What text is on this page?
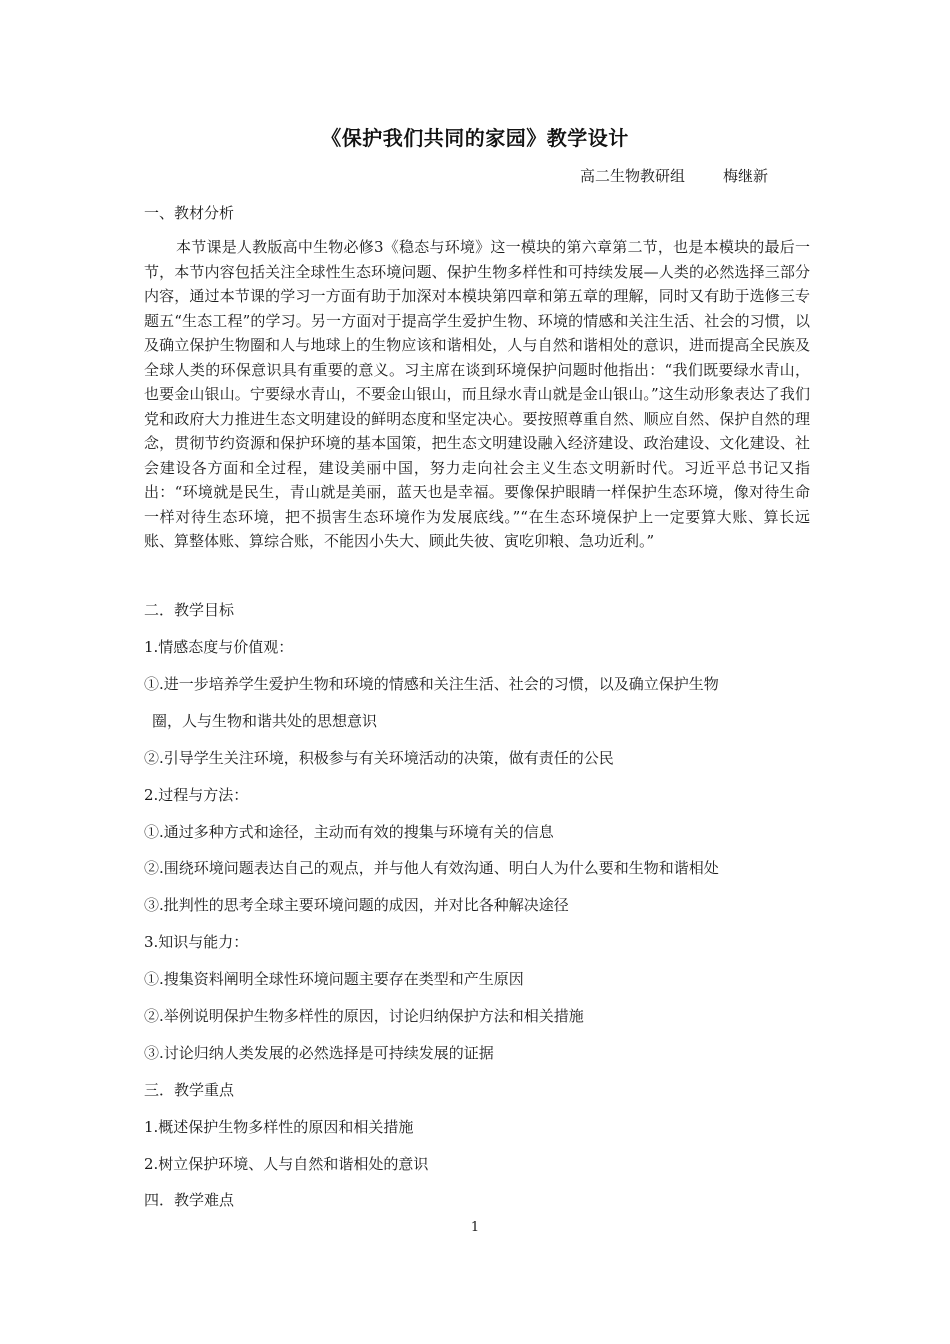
《保护我们共同的家园》教学设计
高二生物教研组	梅继新
一、教材分析
本节课是人教版高中生物必修3《稳态与环境》这一模块的第六章第二节，也是本模块的最后一节，本节内容包括关注全球性生态环境问题、保护生物多样性和可持续发展—人类的必然选择三部分内容，通过本节课的学习一方面有助于加深对本模块第四章和第五章的理解，同时又有助于选修三专题五“生态工程”的学习。另一方面对于提高学生爱护生物、环境的情感和关注生活、社会的习惯，以及确立保护生物圈和人与地球上的生物应该和谐相处，人与自然和谐相处的意识，进而提高全民族及全球人类的环保意识具有重要的意义。习主席在谈到环境保护问题时他指出：“我们既要绿水青山，也要金山银山。宁要绿水青山，不要金山银山，而且绿水青山就是金山银山。”这生动形象表达了我们党和政府大力推进生态文明建设的鲜明态度和坚定决心。要按照尊重自然、顺应自然、保护自然的理念，贯彻节约资源和保护环境的基本国策，把生态文明建设融入经济建设、政治建设、文化建设、社会建设各方面和全过程，建设美丽中国，努力走向社会主义生态文明新时代。习近平总书记又指出：“环境就是民生，青山就是美丽，蓝天也是幸福。要像保护眼睛一样保护生态环境，像对待生命一样对待生态环境，把不损害生态环境作为发展底线。”“在生态环境保护上一定要算大账、算长远账、算整体账、算综合账，不能因小失大、顾此失彼、寅吃卯粮、急功近利。”
二．教学目标
1.情感态度与价值观：
①.进一步培养学生爱护生物和环境的情感和关注生活、社会的习惯，以及确立保护生物
圈，人与生物和谐共处的思想意识
②.引导学生关注环境，积极参与有关环境活动的决策，做有责任的公民
2.过程与方法：
①.通过多种方式和途径，主动而有效的搜集与环境有关的信息
②.围绕环境问题表达自己的观点，并与他人有效沟通、明白人为什么要和生物和谐相处
③.批判性的思考全球主要环境问题的成因，并对比各种解决途径
3.知识与能力：
①.搜集资料阐明全球性环境问题主要存在类型和产生原因
②.举例说明保护生物多样性的原因，讨论归纳保护方法和相关措施
③.讨论归纳人类发展的必然选择是可持续发展的证据
三．教学重点
1.概述保护生物多样性的原因和相关措施
2.树立保护环境、人与自然和谐相处的意识
四．教学难点
1
